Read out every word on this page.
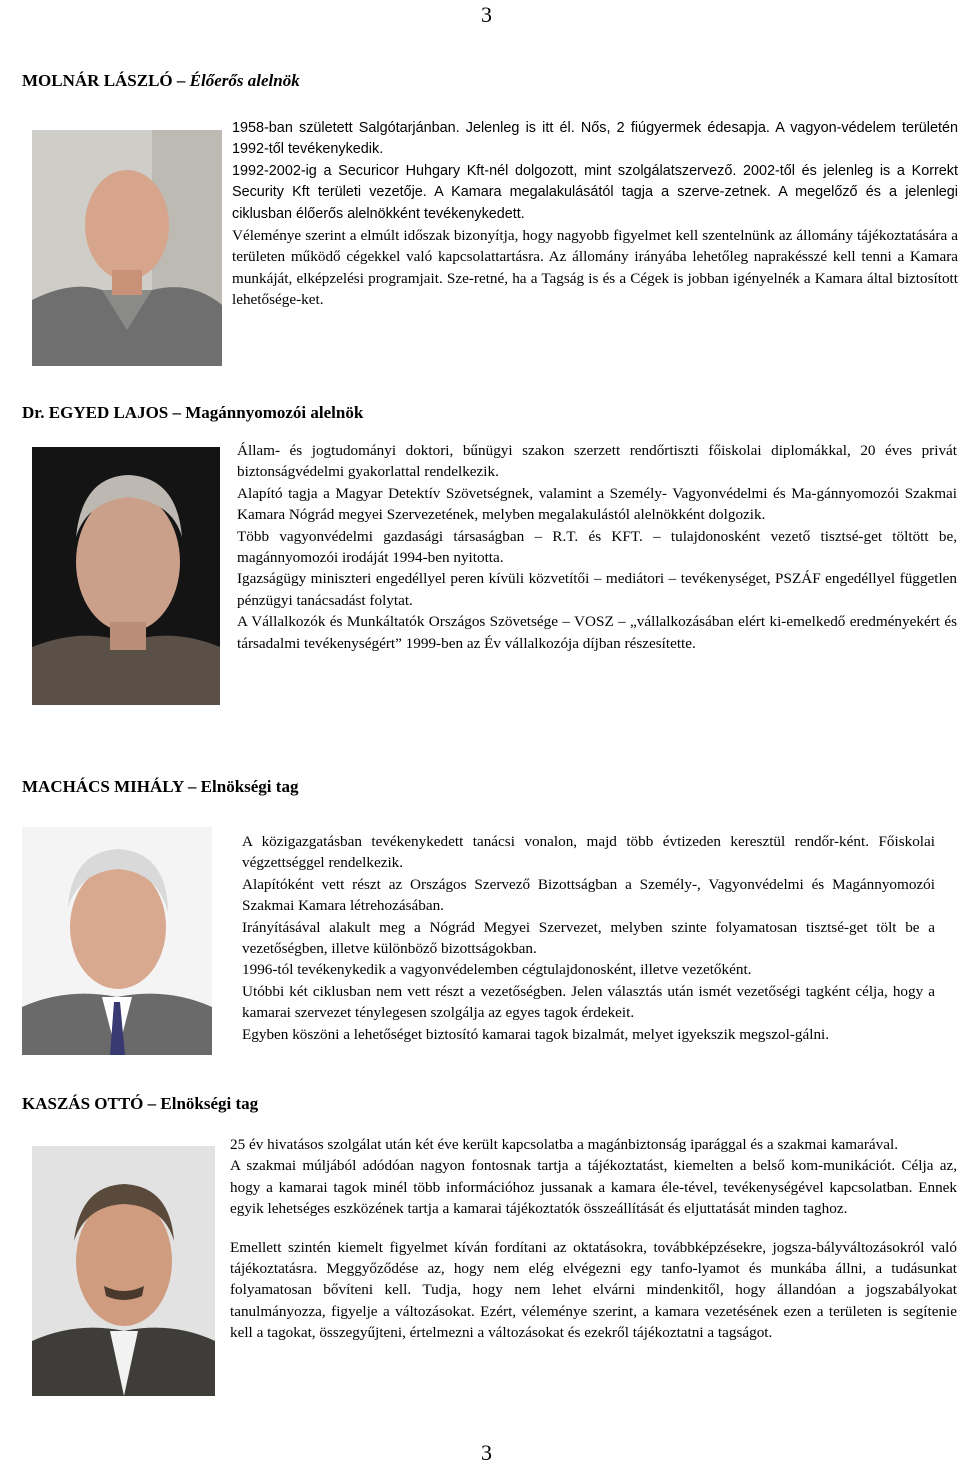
3
3
MOLNÁR LÁSZLÓ – Élőerős alelnök

1958-ban született Salgótarjánban. Jelenleg is itt él. Nős, 2 fiúgyermek édesapja. A vagyon-védelem területén 1992-től tevékenykedik.

1992-2002-ig a Securicor Huhgary Kft-nél dolgozott, mint szolgálatszervező. 2002-től és jelenleg is a Korrekt Security Kft területi vezetője. A Kamara megalakulásától tagja a szerve-zetnek. A megelőző és a jelenlegi ciklusban élőerős alelnökként tevékenykedett.

Véleménye szerint a elmúlt időszak bizonyítja, hogy nagyobb figyelmet kell szentelnünk az állomány tájékoztatására a területen működő cégekkel való kapcsolattartásra. Az állomány irányába lehetőleg naprakésszé kell tenni a Kamara munkáját, elképzelési programjait. Sze-retné, ha a Tagság is és a Cégek is jobban igényelnék a Kamara által biztosított lehetősége-ket.

Dr. EGYED LAJOS – Magánnyomozói alelnök

Állam- és jogtudományi doktori, bűnügyi szakon szerzett rendőrtiszti főiskolai diplomákkal, 20 éves privát biztonságvédelmi gyakorlattal rendelkezik.

Alapító tagja a Magyar Detektív Szövetségnek, valamint a Személy- Vagyonvédelmi és Ma-gánnyomozói Szakmai Kamara Nógrád megyei Szervezetének, melyben megalakulástól alelnökként dolgozik.

Több vagyonvédelmi gazdasági társaságban – R.T. és KFT. – tulajdonosként vezető tisztsé-get töltött be, magánnyomozói irodáját 1994-ben nyitotta.

Igazságügy miniszteri engedéllyel peren kívüli közvetítői – mediátori – tevékenységet, PSZÁF engedéllyel független pénzügyi tanácsadást folytat.

A Vállalkozók és Munkáltatók Országos Szövetsége – VOSZ – „vállalkozásában elért ki-emelkedő eredményekért és társadalmi tevékenységért” 1999-ben az Év vállalkozója díjban részesítette.

MACHÁCS MIHÁLY – Elnökségi tag

A közigazgatásban tevékenykedett tanácsi vonalon, majd több évtizeden keresztül rendőr-ként. Főiskolai végzettséggel rendelkezik.

Alapítóként vett részt az Országos Szervező Bizottságban a Személy-, Vagyonvédelmi és Magánnyomozói Szakmai Kamara létrehozásában.

Irányításával alakult meg a Nógrád Megyei Szervezet, melyben szinte folyamatosan tisztsé-get tölt be a vezetőségben, illetve különböző bizottságokban.

1996-tól tevékenykedik a vagyonvédelemben cégtulajdonosként, illetve vezetőként.

Utóbbi két ciklusban nem vett részt a vezetőségben. Jelen választás után ismét vezetőségi tagként célja, hogy a kamarai szervezet ténylegesen szolgálja az egyes tagok érdekeit.

Egyben köszöni a lehetőséget biztosító kamarai tagok bizalmát, melyet igyekszik megszol-gálni.

KASZÁS OTTÓ – Elnökségi tag

25 év hivatásos szolgálat után két éve került kapcsolatba a magánbiztonság iparággal és a szakmai kamarával.

A szakmai múljából adódóan nagyon fontosnak tartja a tájékoztatást, kiemelten a belső kom-munikációt. Célja az, hogy a kamarai tagok minél több információhoz jussanak a kamara éle-tével, tevékenységével kapcsolatban. Ennek egyik lehetséges eszközének tartja a kamarai tájékoztatók összeállítását és eljuttatását minden taghoz.

Emellett szintén kiemelt figyelmet kíván fordítani az oktatásokra, továbbképzésekre, jogsza-bályváltozásokról való tájékoztatásra. Meggyőződése az, hogy nem elég elvégezni egy tanfo-lyamot és munkába állni, a tudásunkat folyamatosan bővíteni kell. Tudja, hogy nem lehet elvárni mindenkitől, hogy állandóan a jogszabályokat tanulmányozza, figyelje a változásokat. Ezért, véleménye szerint, a kamara vezetésének ezen a területen is segítenie kell a tagokat, összegyűjteni, értelmezni a változásokat és ezekről tájékoztatni a tagságot.
